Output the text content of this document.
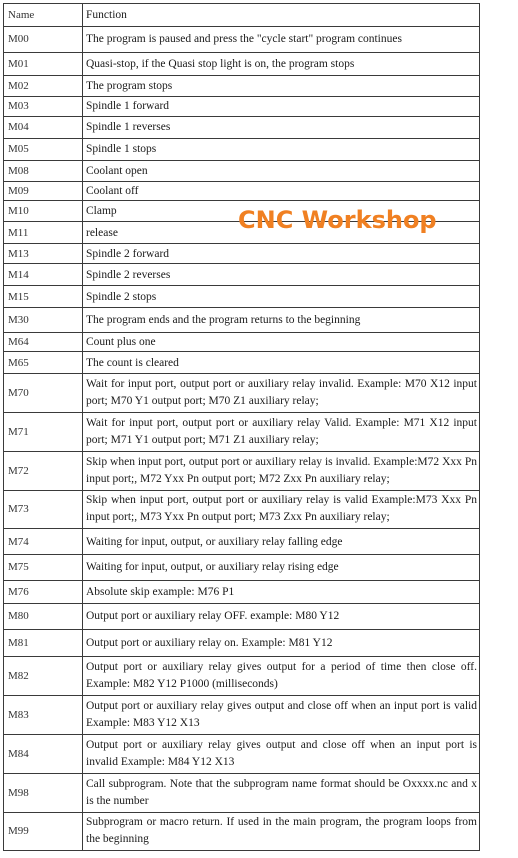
Name	Function
M00	The program is paused and press the "cycle start" program continues
M01	Quasi-stop, if the Quasi stop light is on, the program stops
M02	The program stops
M03	Spindle 1 forward
M04	Spindle 1 reverses
M05	Spindle 1 stops
M08	Coolant open
M09	Coolant off
M10	Clamp
M11	release
M13	Spindle 2 forward
M14	Spindle 2 reverses
M15	Spindle 2 stops
M30	The program ends and the program returns to the beginning
M64	Count plus one
M65	The count is cleared
M70	Wait for input port, output port or auxiliary relay invalid. Example: M70 X12 input port; M70 Y1 output port; M70 Z1 auxiliary relay;
M71	Wait for input port, output port or auxiliary relay Valid. Example: M71 X12 input port; M71 Y1 output port; M71 Z1 auxiliary relay;
M72	Skip when input port, output port or auxiliary relay is invalid. Example:M72 Xxx Pn input port;, M72 Yxx Pn output port; M72 Zxx Pn auxiliary relay;
M73	Skip when input port, output port or auxiliary relay is valid Example:M73 Xxx Pn input port;, M73 Yxx Pn output port; M73 Zxx Pn auxiliary relay;
M74	Waiting for input, output, or auxiliary relay falling edge
M75	Waiting for input, output, or auxiliary relay rising edge
M76	Absolute skip example: M76 P1
M80	Output port or auxiliary relay OFF. example: M80 Y12
M81	Output port or auxiliary relay on. Example: M81 Y12
M82	Output port or auxiliary relay gives output for a period of time then close off. Example: M82 Y12 P1000 (milliseconds)
M83	Output port or auxiliary relay gives output and close off when an input port is valid Example: M83 Y12 X13
M84	Output port or auxiliary relay gives output and close off when an input port is invalid Example: M84 Y12 X13
M98	Call subprogram. Note that the subprogram name format should be Oxxxx.nc and x is the number
M99	Subprogram or macro return. If used in the main program, the program loops from the beginning
CNC Workshop
